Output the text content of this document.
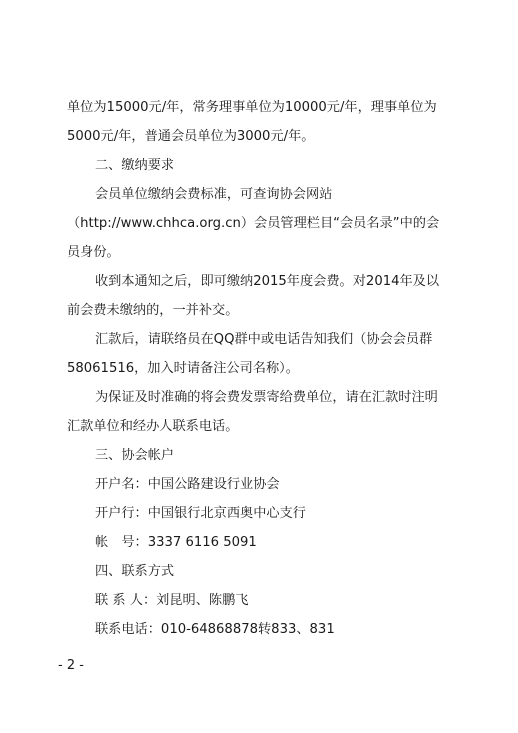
单位为15000元/年，常务理事单位为10000元/年，理事单位为
5000元/年，普通会员单位为3000元/年。
二、缴纳要求
会员单位缴纳会费标准，可查询协会网站
（http://www.chhca.org.cn）会员管理栏目“会员名录”中的会
员身份。
收到本通知之后，即可缴纳2015年度会费。对2014年及以
前会费未缴纳的，一并补交。
汇款后，请联络员在QQ群中或电话告知我们（协会会员群
58061516，加入时请备注公司名称）。
为保证及时准确的将会费发票寄给费单位，请在汇款时注明
汇款单位和经办人联系电话。
三、协会帐户
开户名：中国公路建设行业协会
开户行：中国银行北京西奥中心支行
帐　号：3337 6116 5091
四、联系方式
联 系 人：刘昆明、陈鹏飞
联系电话：010-64868878转833、831
- 2 -
